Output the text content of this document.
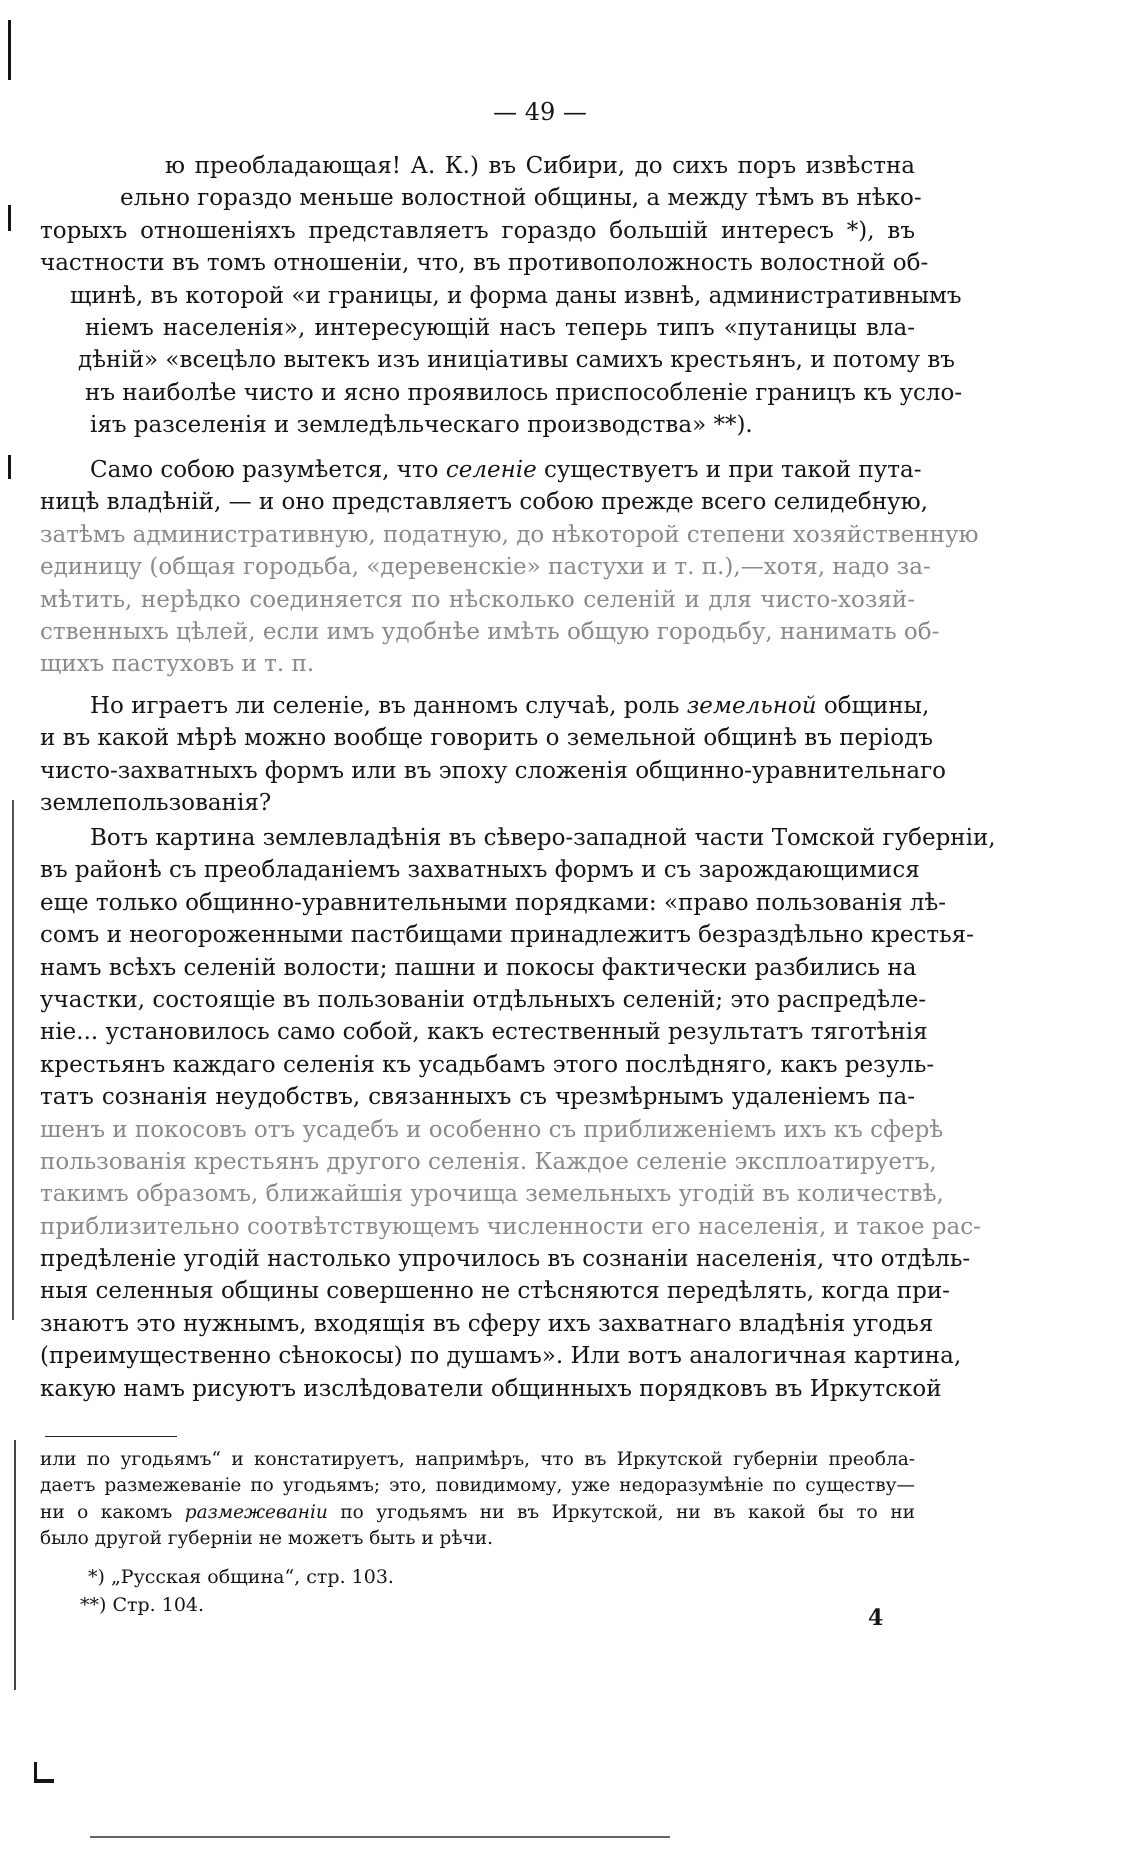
— 49 —
ю преобладающая! А. К.) въ Сибири, до сихъ поръ извѣстна
ельно гораздо меньше волостной общины, а между тѣмъ въ нѣко-
торыхъ отношеніяхъ представляетъ гораздо большій интересъ *), въ
частности въ томъ отношеніи, что, въ противоположность волостной об-
щинѣ, въ которой «и границы, и форма даны извнѣ, административнымъ
ніемъ населенія», интересующій насъ теперь типъ «путаницы вла-
дѣній» «всецѣло вытекъ изъ иниціативы самихъ крестьянъ, и потому въ
нъ наиболѣе чисто и ясно проявилось приспособленіе границъ къ усло-
іяъ разселенія и земледѣльческаго производства» **).
Само собою разумѣется, что селеніе существуетъ и при такой пута-
ницѣ владѣній, — и оно представляетъ собою прежде всего селидебную,
затѣмъ административную, податную, до нѣкоторой степени хозяйственную
единицу (общая городьба, «деревенскіе» пастухи и т. п.),—хотя, надо за-
мѣтить, нерѣдко соединяется по нѣсколько селеній и для чисто-хозяй-
ственныхъ цѣлей, если имъ удобнѣе имѣть общую городьбу, нанимать об-
щихъ пастуховъ и т. п.
Но играетъ ли селеніе, въ данномъ случаѣ, роль земельной общины,
и въ какой мѣрѣ можно вообще говорить о земельной общинѣ въ періодъ
чисто-захватныхъ формъ или въ эпоху сложенія общинно-уравнительнаго
землепользованія?
Вотъ картина землевладѣнія въ сѣверо-западной части Томской губерніи,
въ районѣ съ преобладаніемъ захватныхъ формъ и съ зарождающимися
еще только общинно-уравнительными порядками: «право пользованія лѣ-
сомъ и неогороженными пастбищами принадлежитъ безраздѣльно крестья-
намъ всѣхъ селеній волости; пашни и покосы фактически разбились на
участки, состоящіе въ пользованіи отдѣльныхъ селеній; это распредѣле-
ніе... установилось само собой, какъ естественный результатъ тяготѣнія
крестьянъ каждаго селенія къ усадьбамъ этого послѣдняго, какъ резуль-
татъ сознанія неудобствъ, связанныхъ съ чрезмѣрнымъ удаленіемъ па-
шенъ и покосовъ отъ усадебъ и особенно съ приближеніемъ ихъ къ сферѣ
пользованія крестьянъ другого селенія. Каждое селеніе эксплоатируетъ,
такимъ образомъ, ближайшія урочища земельныхъ угодій въ количествѣ,
приблизительно соотвѣтствующемъ численности его населенія, и такое рас-
предѣленіе угодій настолько упрочилось въ сознаніи населенія, что отдѣль-
ныя селенныя общины совершенно не стѣсняются передѣлять, когда при-
знаютъ это нужнымъ, входящія въ сферу ихъ захватнаго владѣнія угодья
(преимущественно сѣнокосы) по душамъ». Или вотъ аналогичная картина,
какую намъ рисуютъ изслѣдователи общинныхъ порядковъ въ Иркутской
или по угодьямъ“ и констатируетъ, напримѣръ, что въ Иркутской губерніи преобла-
даетъ размежеваніе по угодьямъ; это, повидимому, уже недоразумѣніе по существу—
ни о какомъ размежеваніи по угодьямъ ни въ Иркутской, ни въ какой бы то ни
было другой губерніи не можетъ быть и рѣчи.
*) „Русская община“, стр. 103.
**) Стр. 104.	4
